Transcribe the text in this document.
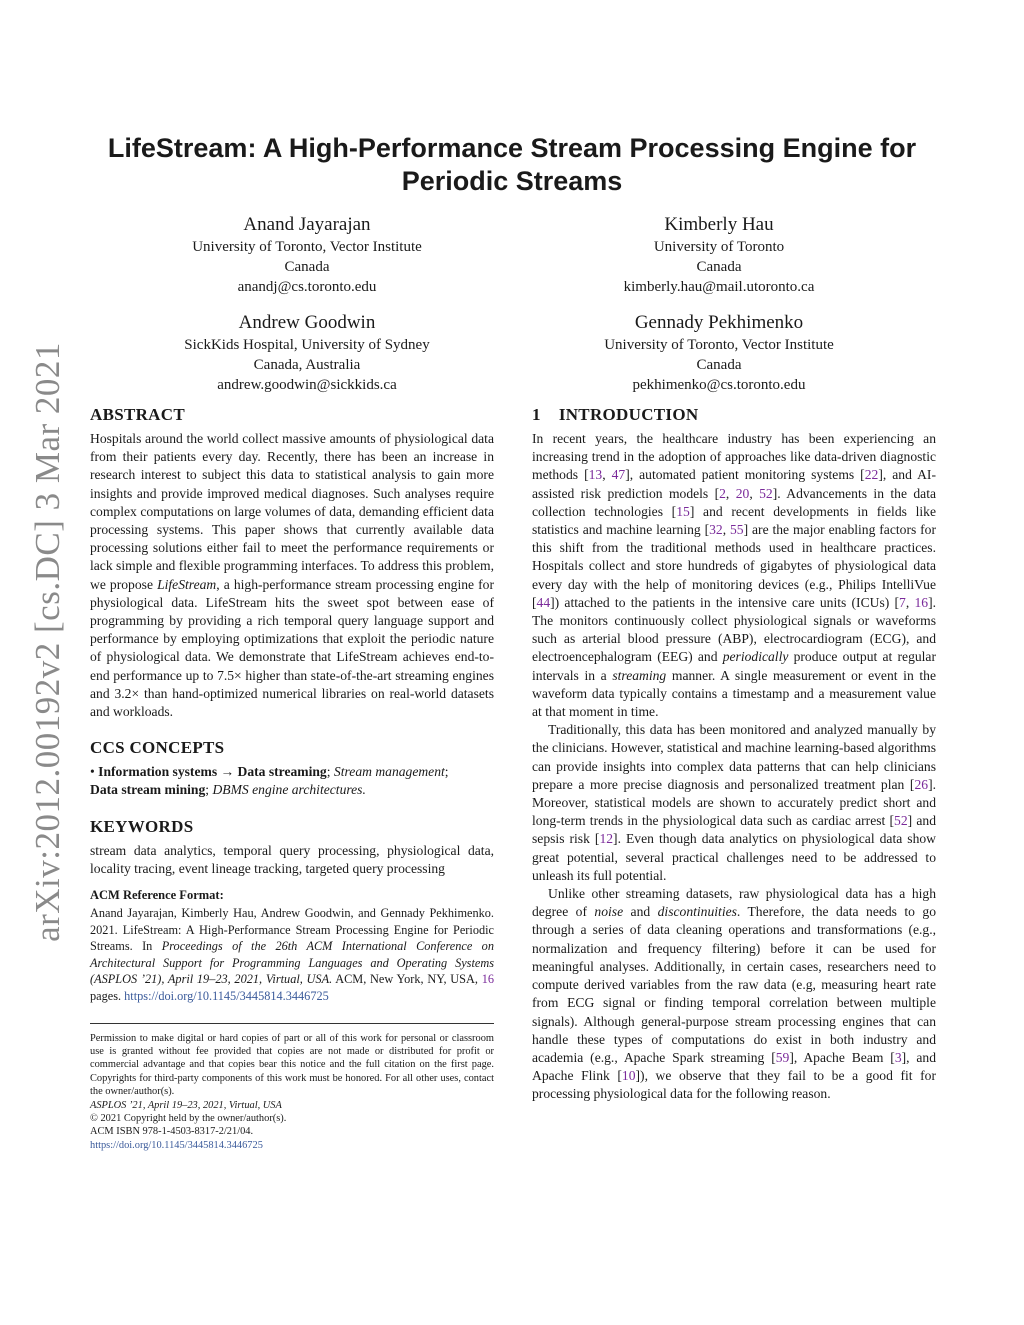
arXiv:2012.00192v2 [cs.DC] 3 Mar 2021
LifeStream: A High-Performance Stream Processing Engine for Periodic Streams
Anand Jayarajan
University of Toronto, Vector Institute
Canada
anandj@cs.toronto.edu
Kimberly Hau
University of Toronto
Canada
kimberly.hau@mail.utoronto.ca
Andrew Goodwin
SickKids Hospital, University of Sydney
Canada, Australia
andrew.goodwin@sickkids.ca
Gennady Pekhimenko
University of Toronto, Vector Institute
Canada
pekhimenko@cs.toronto.edu
ABSTRACT

Hospitals around the world collect massive amounts of physiological data from their patients every day. Recently, there has been an increase in research interest to subject this data to statistical analysis to gain more insights and provide improved medical diagnoses. Such analyses require complex computations on large volumes of data, demanding efficient data processing systems. This paper shows that currently available data processing solutions either fail to meet the performance requirements or lack simple and flexible programming interfaces. To address this problem, we propose LifeStream, a high-performance stream processing engine for physiological data. LifeStream hits the sweet spot between ease of programming by providing a rich temporal query language support and performance by employing optimizations that exploit the periodic nature of physiological data. We demonstrate that LifeStream achieves end-to-end performance up to 7.5× higher than state-of-the-art streaming engines and 3.2× than hand-optimized numerical libraries on real-world datasets and workloads.

CCS CONCEPTS

• Information systems → Data streaming; Stream management;
Data stream mining; DBMS engine architectures.

KEYWORDS

stream data analytics, temporal query processing, physiological data, locality tracing, event lineage tracking, targeted query processing

ACM Reference Format:

Anand Jayarajan, Kimberly Hau, Andrew Goodwin, and Gennady Pekhimenko. 2021. LifeStream: A High-Performance Stream Processing Engine for Periodic Streams. In Proceedings of the 26th ACM International Conference on Architectural Support for Programming Languages and Operating Systems (ASPLOS ’21), April 19–23, 2021, Virtual, USA. ACM, New York, NY, USA, 16 pages. https://doi.org/10.1145/3445814.3446725

Permission to make digital or hard copies of part or all of this work for personal or classroom use is granted without fee provided that copies are not made or distributed for profit or commercial advantage and that copies bear this notice and the full citation on the first page. Copyrights for third-party components of this work must be honored. For all other uses, contact the owner/author(s).

ASPLOS ’21, April 19–23, 2021, Virtual, USA

© 2021 Copyright held by the owner/author(s).

ACM ISBN 978-1-4503-8317-2/21/04.

https://doi.org/10.1145/3445814.3446725

1 INTRODUCTION

In recent years, the healthcare industry has been experiencing an increasing trend in the adoption of approaches like data-driven diagnostic methods [13, 47], automated patient monitoring systems [22], and AI-assisted risk prediction models [2, 20, 52]. Advancements in the data collection technologies [15] and recent developments in fields like statistics and machine learning [32, 55] are the major enabling factors for this shift from the traditional methods used in healthcare practices. Hospitals collect and store hundreds of gigabytes of physiological data every day with the help of monitoring devices (e.g., Philips IntelliVue [44]) attached to the patients in the intensive care units (ICUs) [7, 16]. The monitors continuously collect physiological signals or waveforms such as arterial blood pressure (ABP), electrocardiogram (ECG), and electroencephalogram (EEG) and periodically produce output at regular intervals in a streaming manner. A single measurement or event in the waveform data typically contains a timestamp and a measurement value at that moment in time.

Traditionally, this data has been monitored and analyzed manually by the clinicians. However, statistical and machine learning-based algorithms can provide insights into complex data patterns that can help clinicians prepare a more precise diagnosis and personalized treatment plan [26]. Moreover, statistical models are shown to accurately predict short and long-term trends in the physiological data such as cardiac arrest [52] and sepsis risk [12]. Even though data analytics on physiological data show great potential, several practical challenges need to be addressed to unleash its full potential.

Unlike other streaming datasets, raw physiological data has a high degree of noise and discontinuities. Therefore, the data needs to go through a series of data cleaning operations and transformations (e.g., normalization and frequency filtering) before it can be used for meaningful analyses. Additionally, in certain cases, researchers need to compute derived variables from the raw data (e.g, measuring heart rate from ECG signal or finding temporal correlation between multiple signals). Although general-purpose stream processing engines that can handle these types of computations do exist in both industry and academia (e.g., Apache Spark streaming [59], Apache Beam [3], and Apache Flink [10]), we observe that they fail to be a good fit for processing physiological data for the following reason.
